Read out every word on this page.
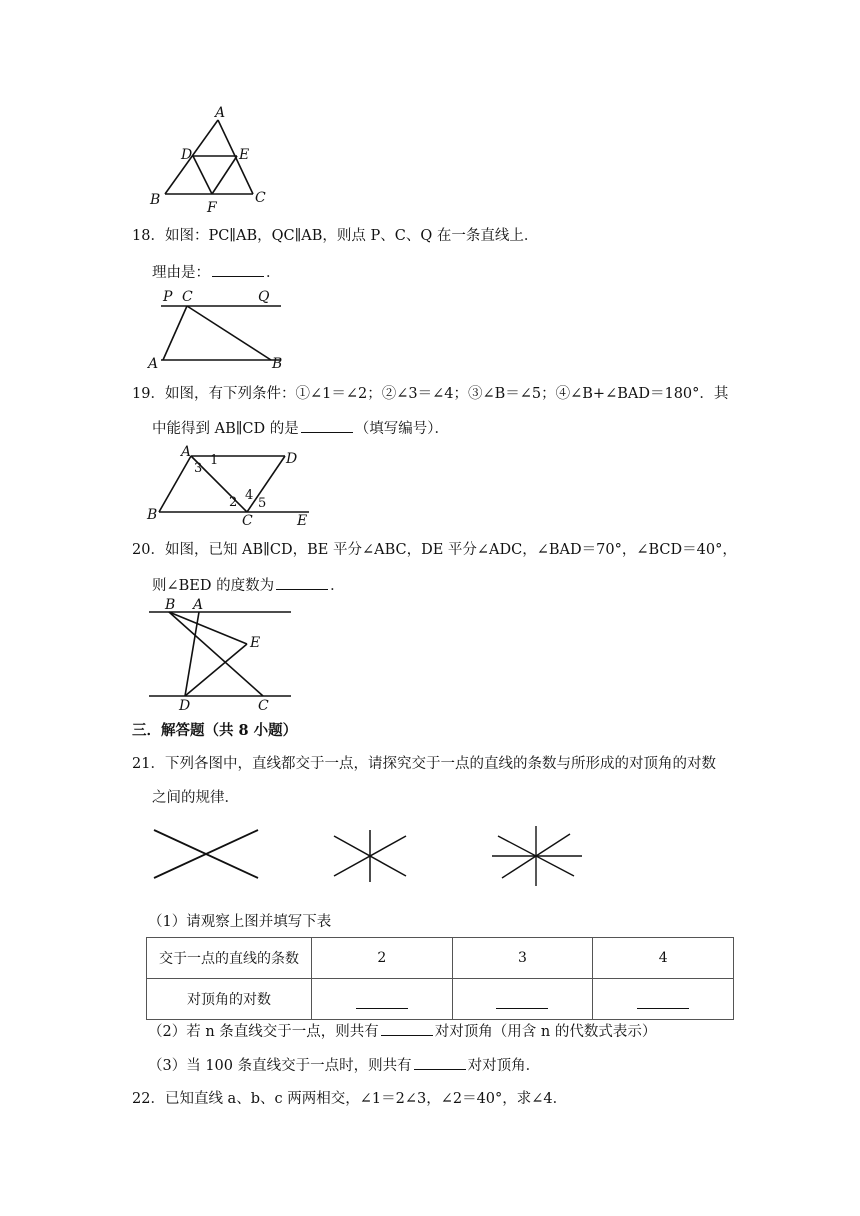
A
B	C
D	E
F
18．如图：PC∥AB，QC∥AB，则点 P、C、Q 在一条直线上．
理由是：	．
P C	Q
A	B
19．如图，有下列条件：①∠1＝∠2；②∠3＝∠4；③∠B＝∠5；④∠B+∠BAD＝180°．其
中能得到 AB∥CD 的是	（填写编号）．
A	D
B	C	E
1
2
3
4
5
20．如图，已知 AB∥CD，BE 平分∠ABC，DE 平分∠ADC，∠BAD＝70°，∠BCD＝40°，
则∠BED 的度数为	．
B A
E
D	C
三．解答题（共 8 小题）
21．下列各图中，直线都交于一点，请探究交于一点的直线的条数与所形成的对顶角的对数
之间的规律．
（1）请观察上图并填写下表
交于一点的直线的条数	2	3	4
对顶角的对数			
（2）若 n 条直线交于一点，则共有	对对顶角（用含 n 的代数式表示）
（3）当 100 条直线交于一点时，则共有	对对顶角．
22．已知直线 a、b、c 两两相交，∠1＝2∠3，∠2＝40°，求∠4．
